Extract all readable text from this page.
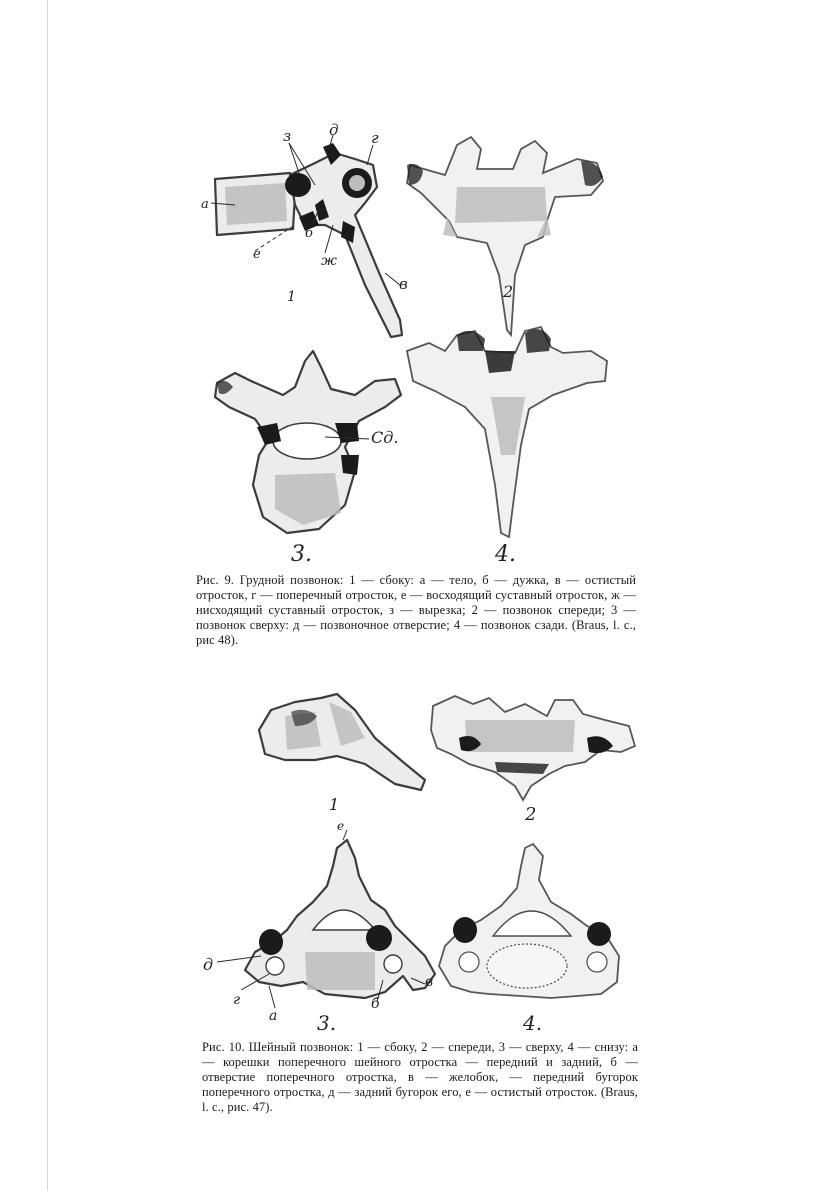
а
з	д г
е
б
ж
в
Сд.
1	2
3.	4.

Рис. 9. Грудной позвонок: 1 — сбоку: а — тело, б — дужка, в — остистый отросток, г — поперечный отросток, е — восходящий суставный отросток, ж — нисходящий суставный отросток, з — вырезка; 2 — позвонок спереди; 3 — позвонок сверху: д — позвоночное отверстие; 4 — позвонок сзади. (Braus, l. c., рис 48).

е
д
г
а
б
в
1	2
3.	4.

Рис. 10. Шейный позвонок: 1 — сбоку, 2 — спереди, 3 — сверху, 4 — снизу: а — корешки поперечного шейного отростка — передний и задний, б — отверстие поперечного отростка, в — желобок, — передний бугорок поперечного отростка, д — задний бугорок его, е — остистый отросток. (Braus, l. c., рис. 47).
